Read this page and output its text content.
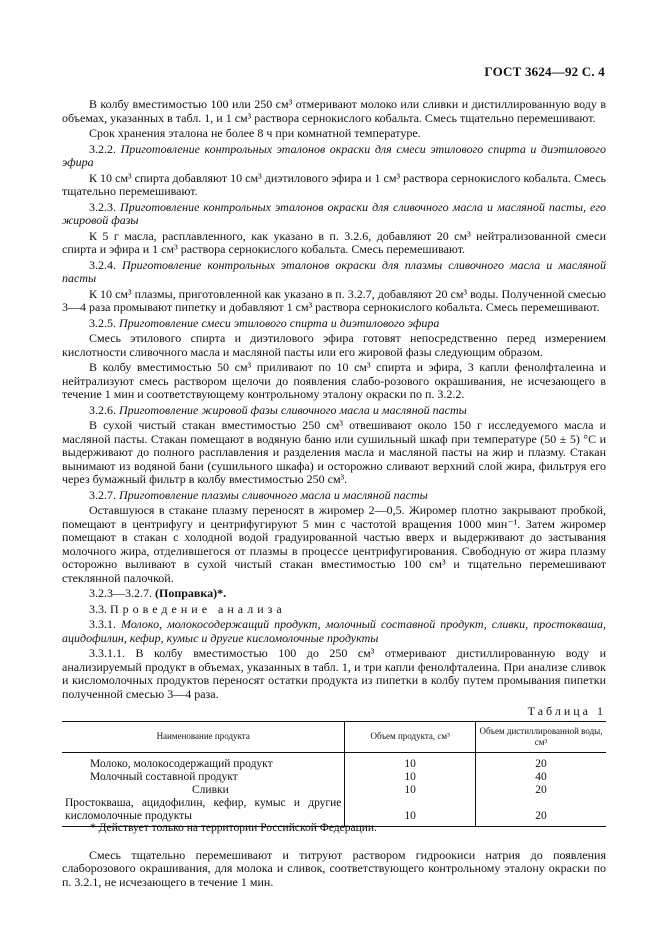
ГОСТ 3624—92 С. 4

В колбу вместимостью 100 или 250 см³ отмеривают молоко или сливки и дистиллированную воду в объемах, указанных в табл. 1, и 1 см³ раствора сернокислого кобальта. Смесь тщательно перемешивают.

Срок хранения эталона не более 8 ч при комнатной температуре.

3.2.2. Приготовление контрольных эталонов окраски для смеси этилового спирта и диэтилового эфира

К 10 см³ спирта добавляют 10 см³ диэтилового эфира и 1 см³ раствора сернокислого кобальта. Смесь тщательно перемешивают.

3.2.3. Приготовление контрольных эталонов окраски для сливочного масла и масляной пасты, его жировой фазы

К 5 г масла, расплавленного, как указано в п. 3.2.6, добавляют 20 см³ нейтрализованной смеси спирта и эфира и 1 см³ раствора сернокислого кобальта. Смесь перемешивают.

3.2.4. Приготовление контрольных эталонов окраски для плазмы сливочного масла и масляной пасты

К 10 см³ плазмы, приготовленной как указано в п. 3.2.7, добавляют 20 см³ воды. Полученной смесью 3—4 раза промывают пипетку и добавляют 1 см³ раствора сернокислого кобальта. Смесь перемешивают.

3.2.5. Приготовление смеси этилового спирта и диэтилового эфира

Смесь этилового спирта и диэтилового эфира готовят непосредственно перед измерением кислотности сливочного масла и масляной пасты или его жировой фазы следующим образом.

В колбу вместимостью 50 см³ приливают по 10 см³ спирта и эфира, 3 капли фенолфталеина и нейтрализуют смесь раствором щелочи до появления слабо-розового окрашивания, не исчезающего в течение 1 мин и соответствующему контрольному эталону окраски по п. 3.2.2.

3.2.6. Приготовление жировой фазы сливочного масла и масляной пасты

В сухой чистый стакан вместимостью 250 см³ отвешивают около 150 г исследуемого масла и масляной пасты. Стакан помещают в водяную баню или сушильный шкаф при температуре (50 ± 5) °С и выдерживают до полного расплавления и разделения масла и масляной пасты на жир и плазму. Стакан вынимают из водяной бани (сушильного шкафа) и осторожно сливают верхний слой жира, фильтруя его через бумажный фильтр в колбу вместимостью 250 см³.

3.2.7. Приготовление плазмы сливочного масла и масляной пасты

Оставшуюся в стакане плазму переносят в жиромер 2—0,5. Жиромер плотно закрывают пробкой, помещают в центрифугу и центрифугируют 5 мин с частотой вращения 1000 мин⁻¹. Затем жиромер помещают в стакан с холодной водой градуированной частью вверх и выдерживают до застывания молочного жира, отделившегося от плазмы в процессе центрифугирования. Свободную от жира плазму осторожно выливают в сухой чистый стакан вместимостью 100 см³ и тщательно перемешивают стеклянной палочкой.

3.2.3—3.2.7. (Поправка)*.

3.3. Проведение анализа

3.3.1. Молоко, молокосодержащий продукт, молочный составной продукт, сливки, простокваша, ацидофилин, кефир, кумыс и другие кисломолочные продукты

3.3.1.1. В колбу вместимостью 100 до 250 см³ отмеривают дистиллированную воду и анализируемый продукт в объемах, указанных в табл. 1, и три капли фенолфталеина. При анализе сливок и кисломолочных продуктов переносят остатки продукта из пипетки в колбу путем промывания пипетки полученной смесью 3—4 раза.

Таблица 1
Наименование продукта	Объем продукта, см³	Объем дистиллированной воды, см³
Молоко, молокосодержащий продукт	10	20
Молочный составной продукт	10	40
Сливки	10	20
Простокваша, ацидофилин, кефир, кумыс и другие кисломолочные продукты	10	20

Смесь тщательно перемешивают и титруют раствором гидроокиси натрия до появления слаборозового окрашивания, для молока и сливок, соответствующего контрольному эталону окраски по п. 3.2.1, не исчезающего в течение 1 мин.

* Действует только на территории Российской Федерации.
